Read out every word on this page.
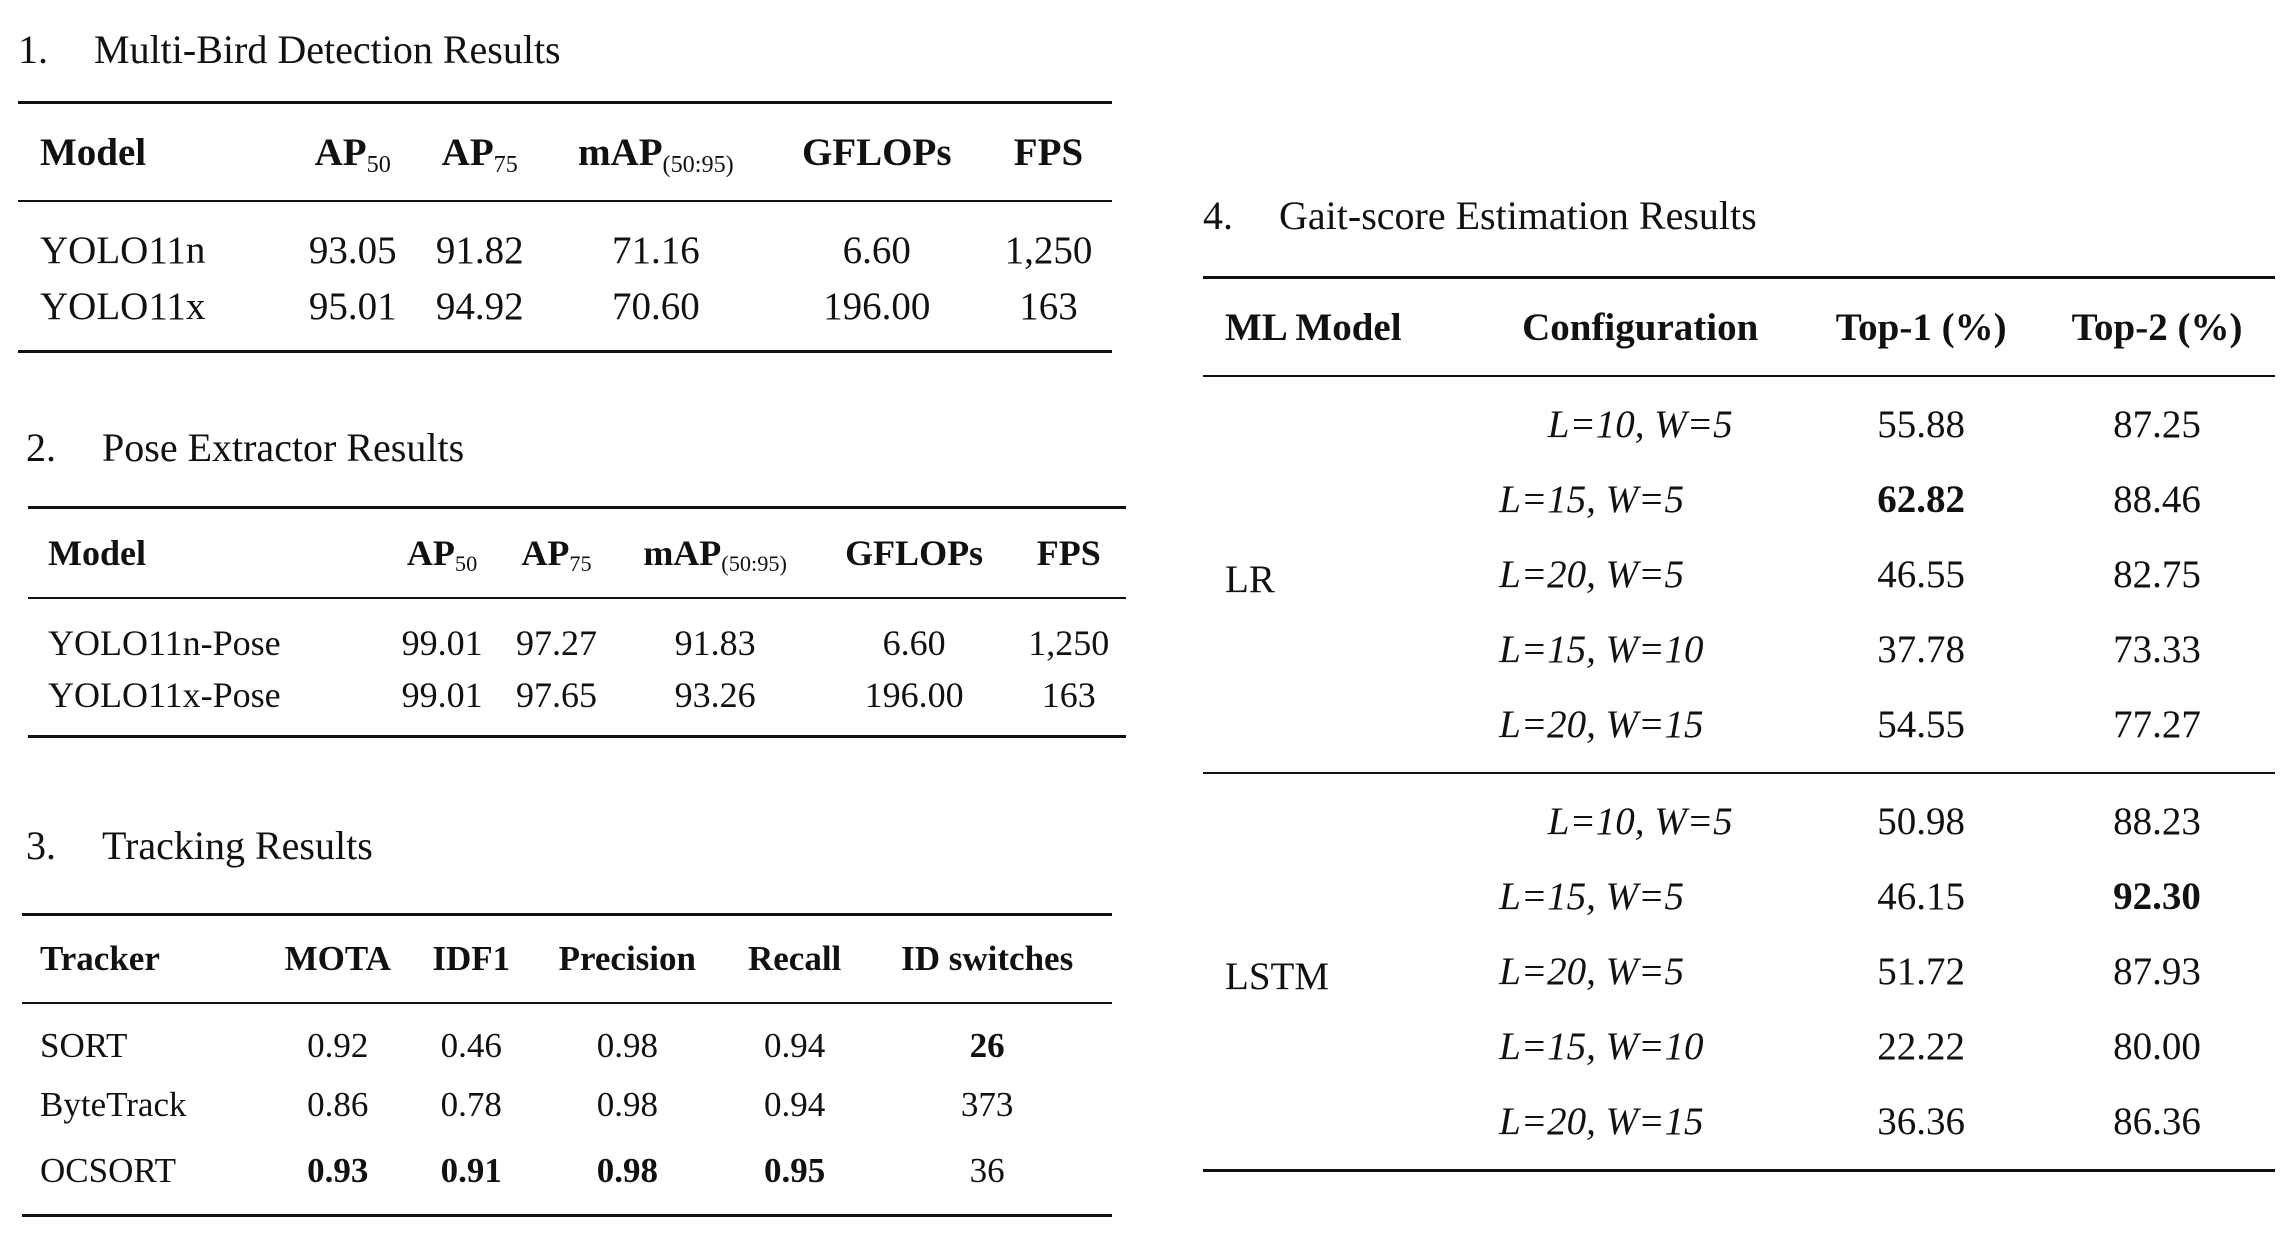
1. Multi-Bird Detection Results
Model	$AP_{50}$	$AP_{75}$	mAP$_{(50:95)}$	GFLOPs	FPS
YOLO11n	93.05	91.82	71.16	6.60	1,250
YOLO11x	95.01	94.92	70.60	196.00	163
2. Pose Extractor Results
Model	$AP_{50}$	$AP_{75}$	mAP$_{(50:95)}$	GFLOPs	FPS
YOLO11n-Pose	99.01	97.27	91.83	6.60	1,250
YOLO11x-Pose	99.01	97.65	93.26	196.00	163
3. Tracking Results
Tracker	MOTA	IDF1	Precision	Recall	ID switches
SORT	0.92	0.46	0.98	0.94	26
ByteTrack	0.86	0.78	0.98	0.94	373
OCSORT	0.93	0.91	0.98	0.95	36
4. Gait-score Estimation Results
ML Model	Configuration	Top-1 (%)	Top-2 (%)
LR	L=10, W=5	55.88	87.25
	L=15, W=5	62.82	88.46
	L=20, W=5	46.55	82.75
	L=15, W=10	37.78	73.33
	L=20, W=15	54.55	77.27
LSTM	L=10, W=5	50.98	88.23
	L=15, W=5	46.15	92.30
	L=20, W=5	51.72	87.93
	L=15, W=10	22.22	80.00
	L=20, W=15	36.36	86.36
